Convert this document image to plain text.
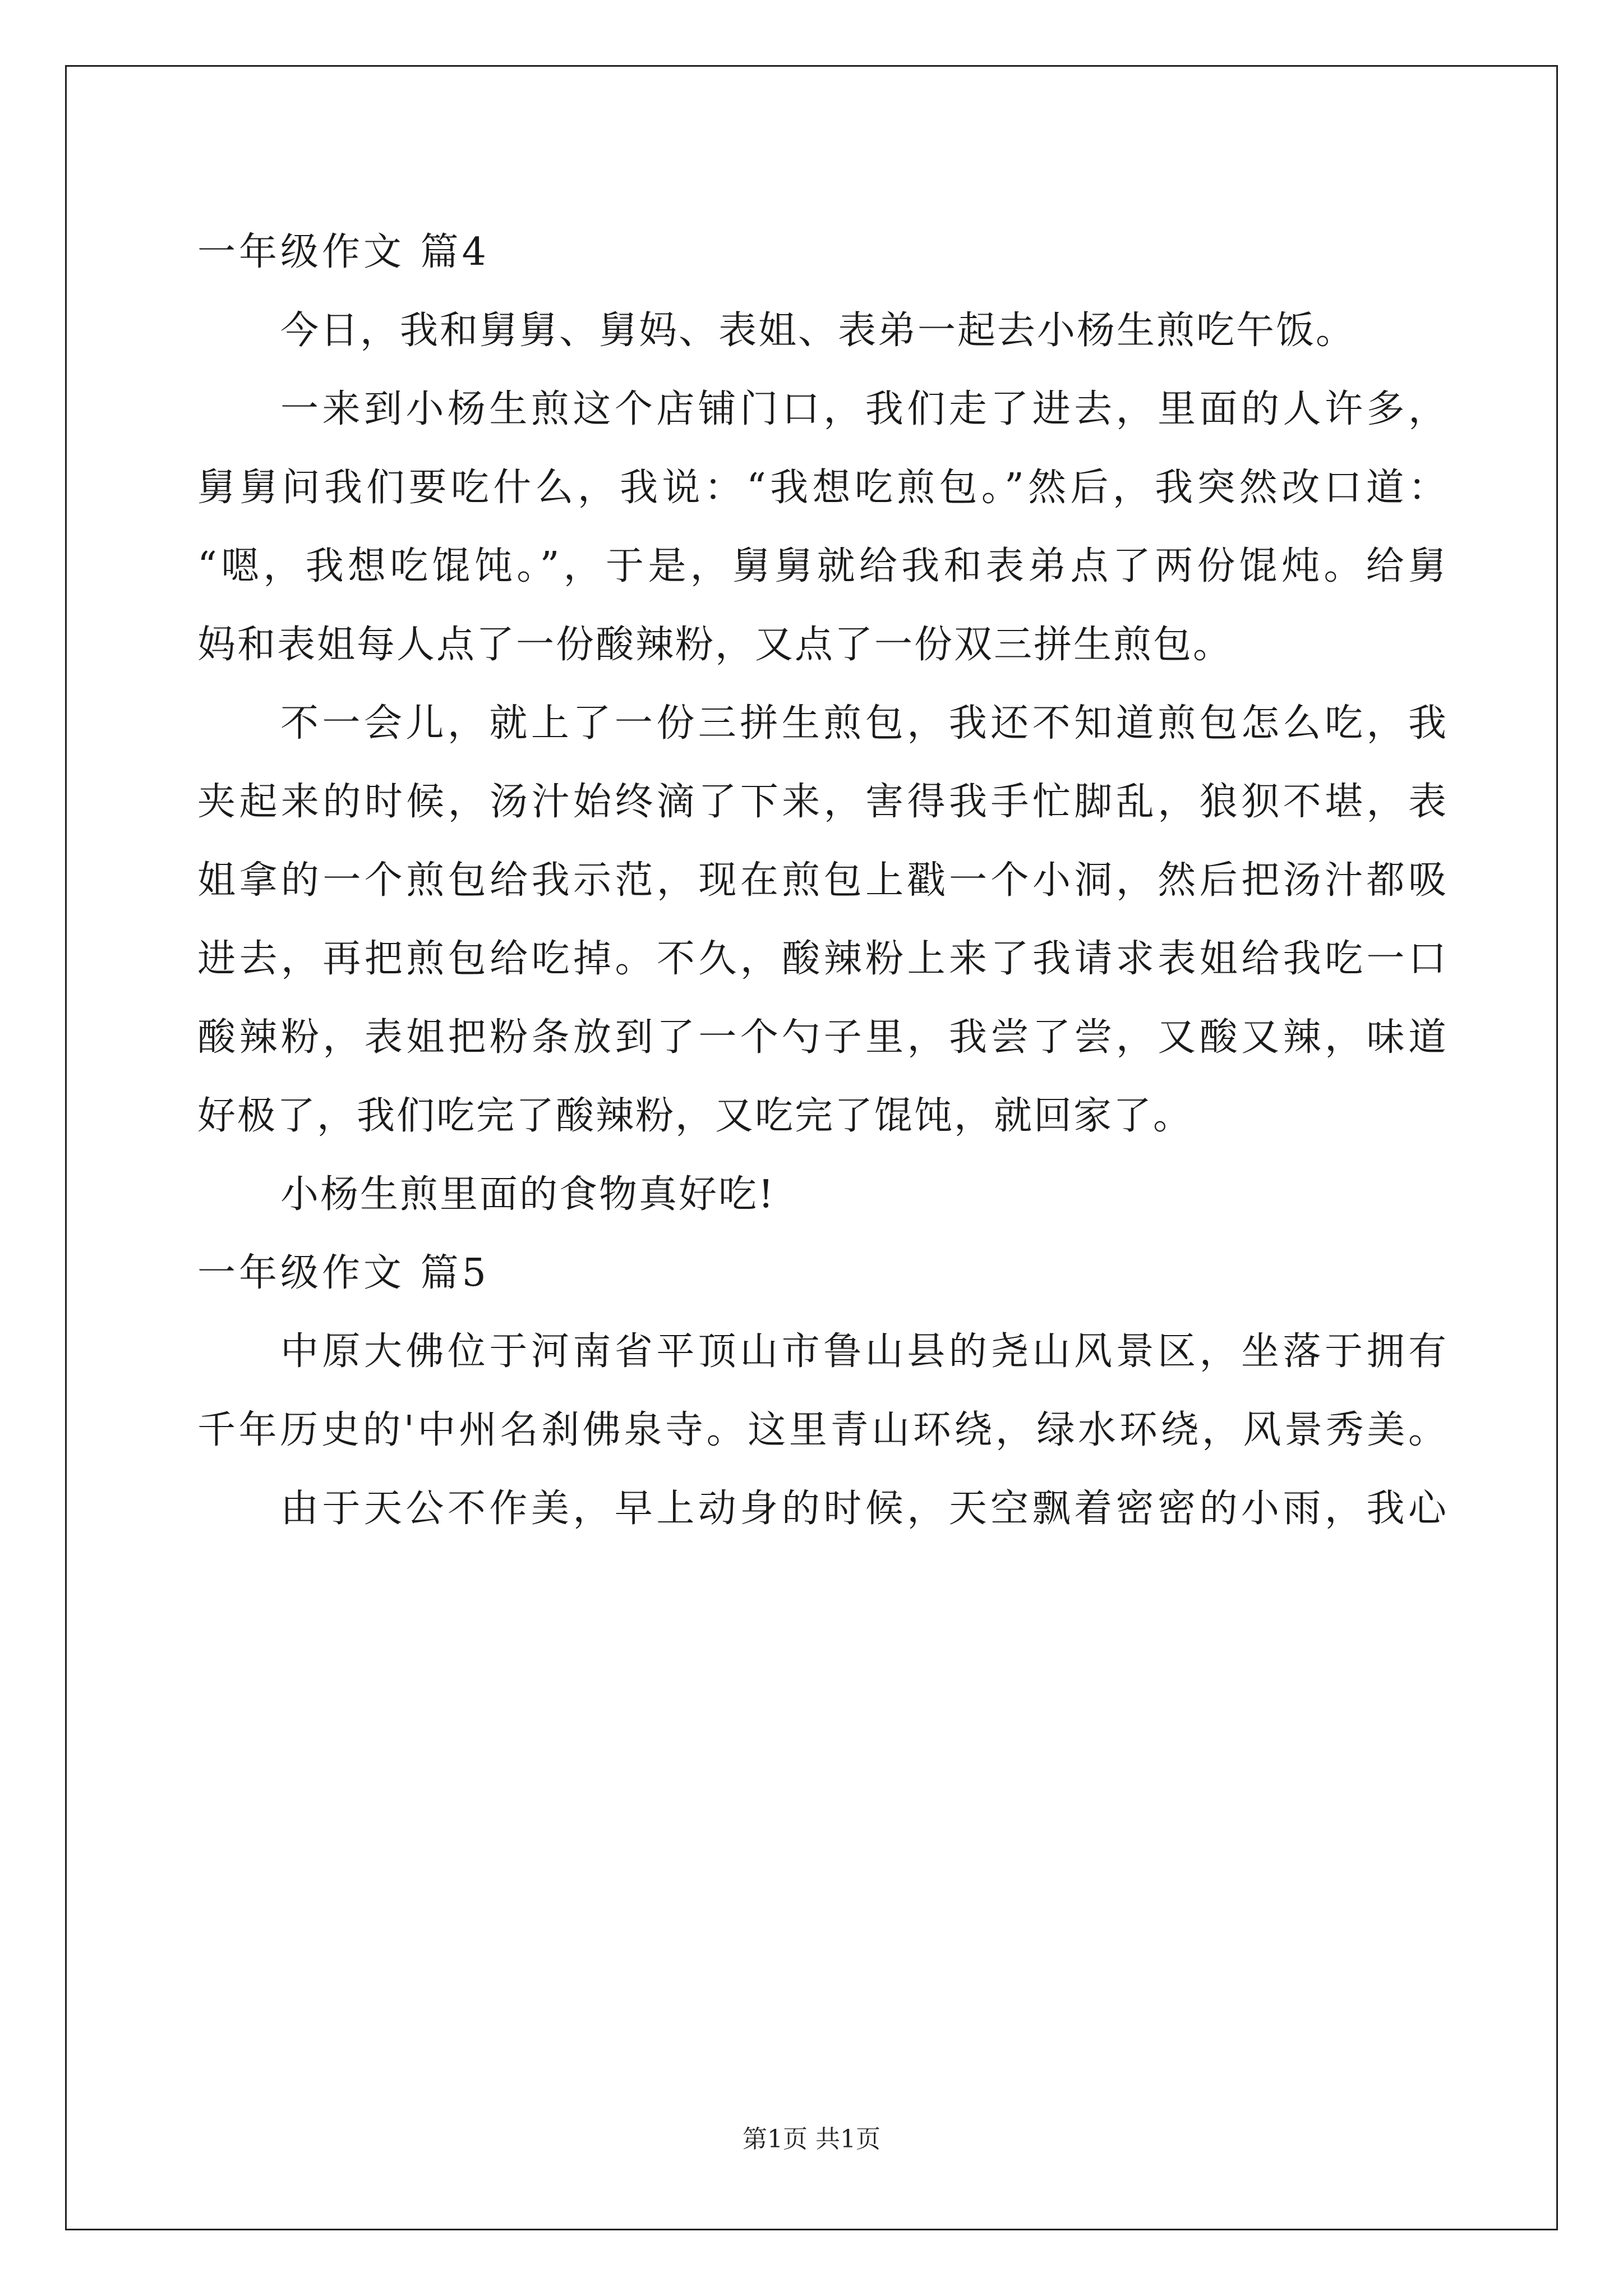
一年级作文 篇4
今日，我和舅舅、舅妈、表姐、表弟一起去小杨生煎吃午饭。
一来到小杨生煎这个店铺门口，我们走了进去，里面的人许多，
舅舅问我们要吃什么，我说：“我想吃煎包。”然后，我突然改口道：
“嗯，我想吃馄饨。”，于是，舅舅就给我和表弟点了两份馄炖。给舅
妈和表姐每人点了一份酸辣粉，又点了一份双三拼生煎包。
不一会儿，就上了一份三拼生煎包，我还不知道煎包怎么吃，我
夹起来的时候，汤汁始终滴了下来，害得我手忙脚乱，狼狈不堪，表
姐拿的一个煎包给我示范，现在煎包上戳一个小洞，然后把汤汁都吸
进去，再把煎包给吃掉。不久，酸辣粉上来了我请求表姐给我吃一口
酸辣粉，表姐把粉条放到了一个勺子里，我尝了尝，又酸又辣，味道
好极了，我们吃完了酸辣粉，又吃完了馄饨，就回家了。
小杨生煎里面的食物真好吃!
一年级作文 篇5
中原大佛位于河南省平顶山市鲁山县的尧山风景区，坐落于拥有
千年历史的'中州名刹佛泉寺。这里青山环绕，绿水环绕，风景秀美。
由于天公不作美，早上动身的时候，天空飘着密密的小雨，我心
第1页 共1页
